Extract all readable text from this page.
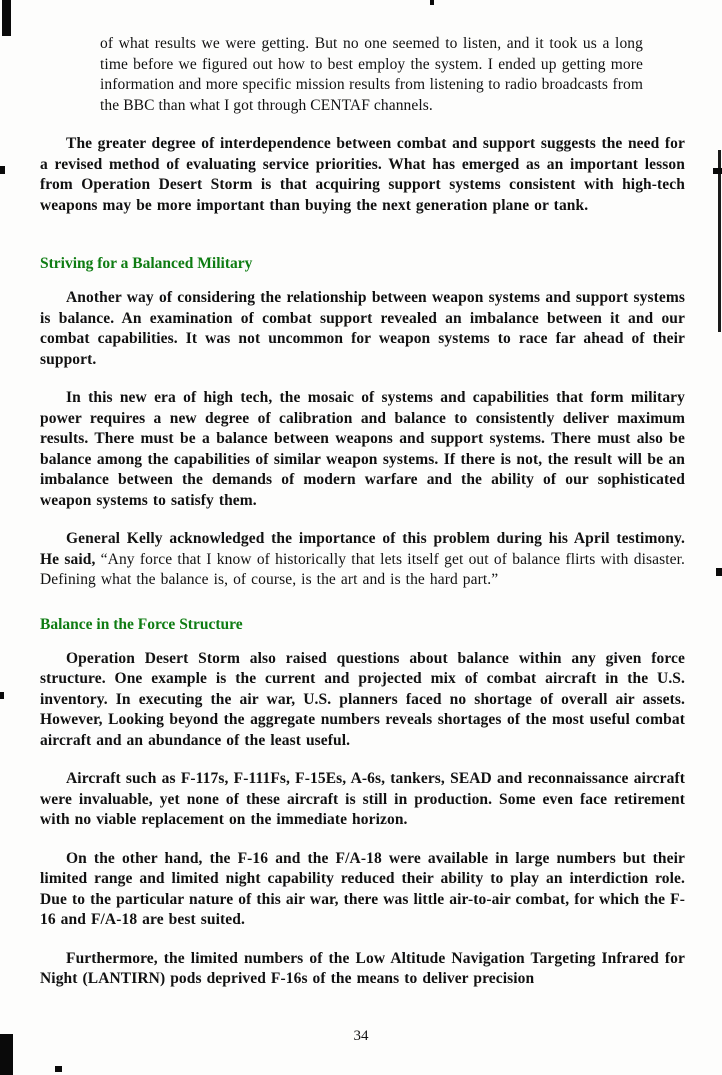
of what results we were getting. But no one seemed to listen, and it took us a long time before we figured out how to best employ the system. I ended up getting more information and more specific mission results from listening to radio broadcasts from the BBC than what I got through CENTAF channels.

The greater degree of interdependence between combat and support suggests the need for a revised method of evaluating service priorities. What has emerged as an important lesson from Operation Desert Storm is that acquiring support systems consistent with high-tech weapons may be more important than buying the next generation plane or tank.

Striving for a Balanced Military

Another way of considering the relationship between weapon systems and support systems is balance. An examination of combat support revealed an imbalance between it and our combat capabilities. It was not uncommon for weapon systems to race far ahead of their support.

In this new era of high tech, the mosaic of systems and capabilities that form military power requires a new degree of calibration and balance to consistently deliver maximum results. There must be a balance between weapons and support systems. There must also be balance among the capabilities of similar weapon systems. If there is not, the result will be an imbalance between the demands of modern warfare and the ability of our sophisticated weapon systems to satisfy them.

General Kelly acknowledged the importance of this problem during his April testimony. He said, “Any force that I know of historically that lets itself get out of balance flirts with disaster. Defining what the balance is, of course, is the art and is the hard part.”

Balance in the Force Structure

Operation Desert Storm also raised questions about balance within any given force structure. One example is the current and projected mix of combat aircraft in the U.S. inventory. In executing the air war, U.S. planners faced no shortage of overall air assets. However, Looking beyond the aggregate numbers reveals shortages of the most useful combat aircraft and an abundance of the least useful.

Aircraft such as F-117s, F-111Fs, F-15Es, A-6s, tankers, SEAD and reconnaissance aircraft were invaluable, yet none of these aircraft is still in production. Some even face retirement with no viable replacement on the immediate horizon.

On the other hand, the F-16 and the F/A-18 were available in large numbers but their limited range and limited night capability reduced their ability to play an interdiction role. Due to the particular nature of this air war, there was little air-to-air combat, for which the F-16 and F/A-18 are best suited.

Furthermore, the limited numbers of the Low Altitude Navigation Targeting Infrared for Night (LANTIRN) pods deprived F-16s of the means to deliver precision

34
